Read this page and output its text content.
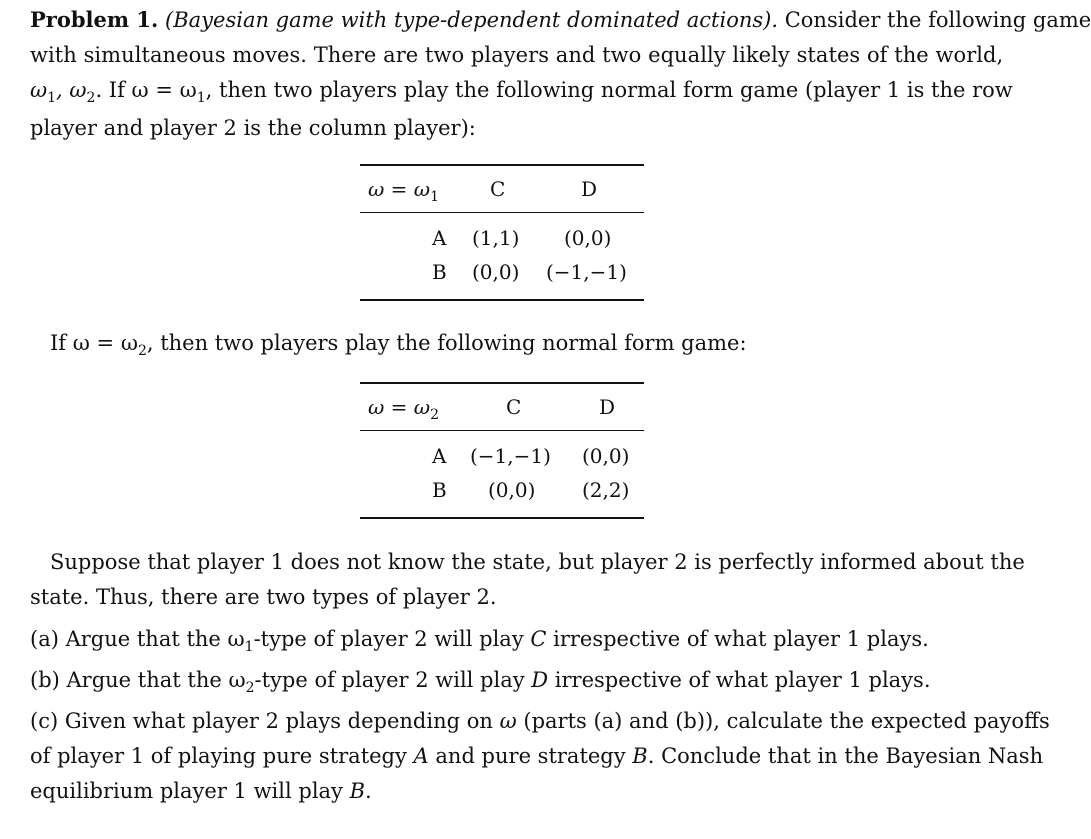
Problem 1. (Bayesian game with type-dependent dominated actions). Consider the following game
with simultaneous moves. There are two players and two equally likely states of the world,
$\omega_1$, $\omega_2$. If $\omega = \omega_1$, then two players play the following normal form game (player 1 is the row
player and player 2 is the column player):
$\omega = \omega_1$	C	D
A (1,1) (0,0)
B (0,0) (−1,−1)
If $\omega = \omega_2$, then two players play the following normal form game:
$\omega = \omega_2$	C	D
A (−1,−1) (0,0)
B (0,0) (2,2)
Suppose that player 1 does not know the state, but player 2 is perfectly informed about the
state. Thus, there are two types of player 2.
(a) Argue that the $\omega_1$-type of player 2 will play C irrespective of what player 1 plays.
(b) Argue that the $\omega_2$-type of player 2 will play D irrespective of what player 1 plays.
(c) Given what player 2 plays depending on ω (parts (a) and (b)), calculate the expected payoffs
of player 1 of playing pure strategy A and pure strategy B. Conclude that in the Bayesian Nash
equilibrium player 1 will play B.
